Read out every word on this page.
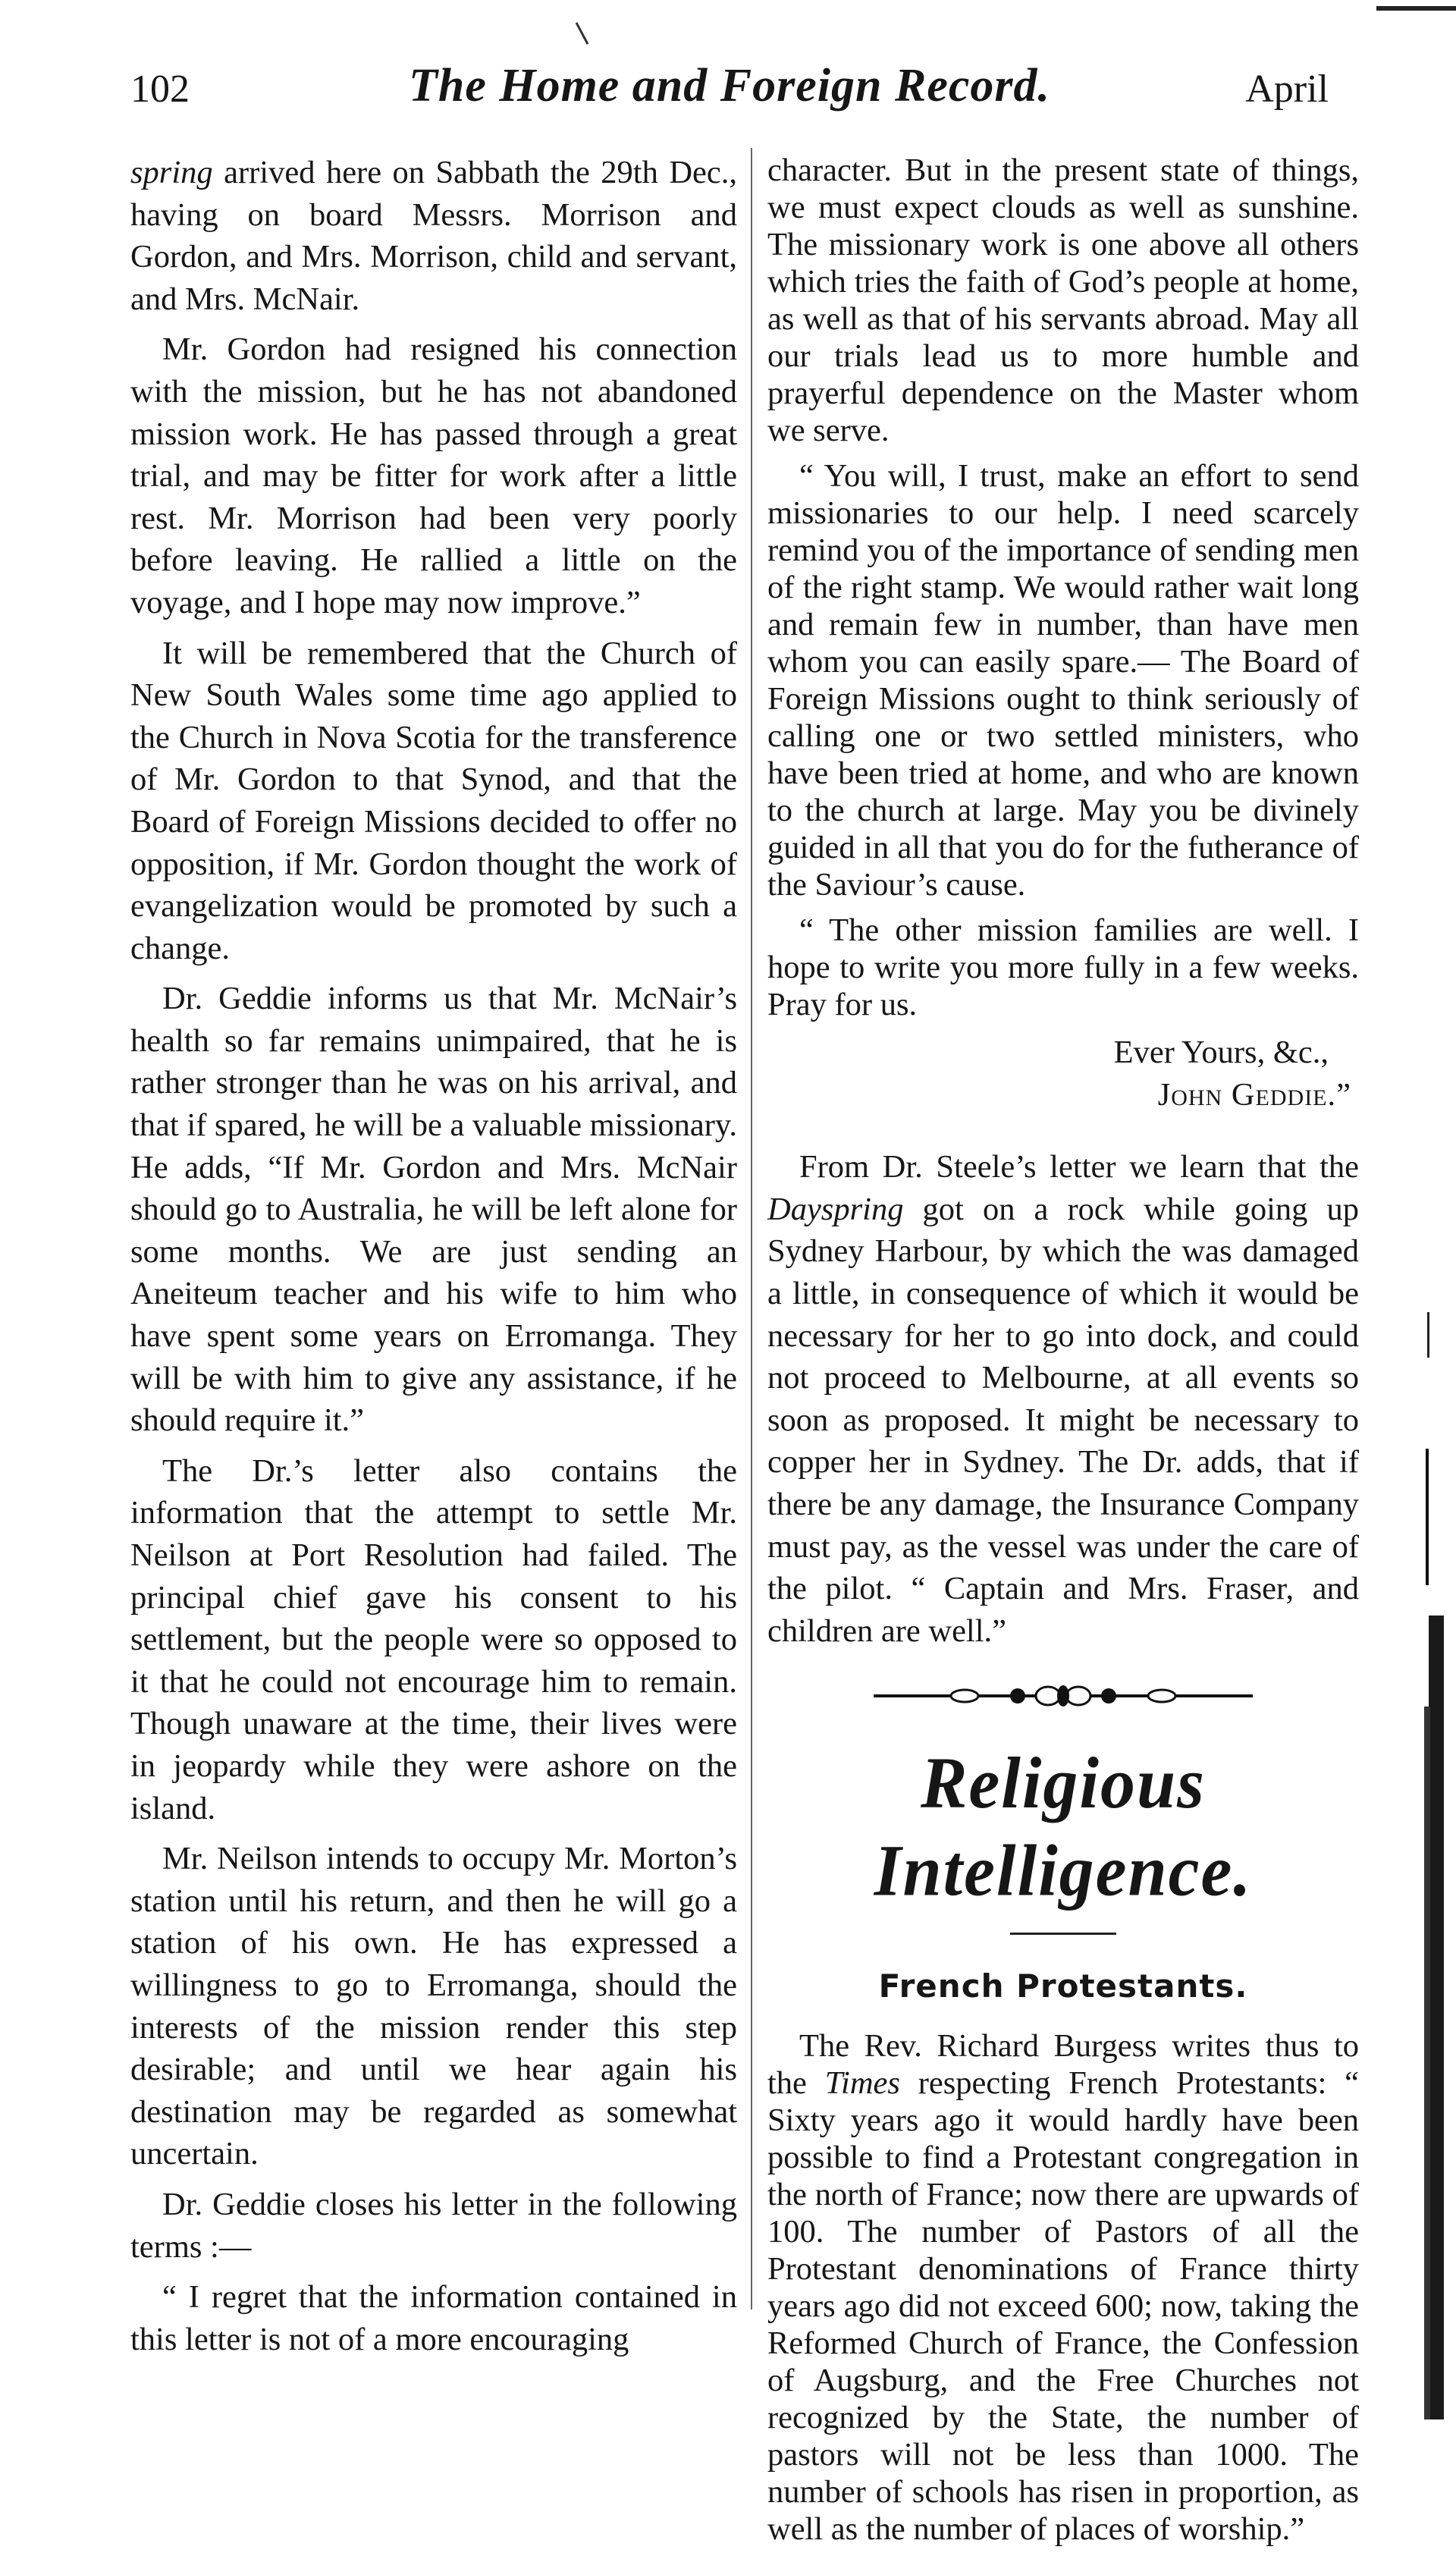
102	The Home and Foreign Record.	April

spring arrived here on Sabbath the 29th Dec., having on board Messrs. Morrison and Gordon, and Mrs. Morrison, child and servant, and Mrs. McNair.

Mr. Gordon had resigned his connection with the mission, but he has not abandoned mission work. He has passed through a great trial, and may be fitter for work after a little rest. Mr. Morrison had been very poorly before leaving. He rallied a little on the voyage, and I hope may now improve.”

It will be remembered that the Church of New South Wales some time ago applied to the Church in Nova Scotia for the transference of Mr. Gordon to that Synod, and that the Board of Foreign Missions decided to offer no opposition, if Mr. Gordon thought the work of evangelization would be promoted by such a change.

Dr. Geddie informs us that Mr. McNair’s health so far remains unimpaired, that he is rather stronger than he was on his arrival, and that if spared, he will be a valuable missionary. He adds, “If Mr. Gordon and Mrs. McNair should go to Australia, he will be left alone for some months. We are just sending an Aneiteum teacher and his wife to him who have spent some years on Erromanga. They will be with him to give any assistance, if he should require it.”

The Dr.’s letter also contains the information that the attempt to settle Mr. Neilson at Port Resolution had failed. The principal chief gave his consent to his settlement, but the people were so opposed to it that he could not encourage him to remain. Though unaware at the time, their lives were in jeopardy while they were ashore on the island.

Mr. Neilson intends to occupy Mr. Morton’s station until his return, and then he will go a station of his own. He has expressed a willingness to go to Erromanga, should the interests of the mission render this step desirable; and until we hear again his destination may be regarded as somewhat uncertain.

Dr. Geddie closes his letter in the following terms :—

“ I regret that the information contained in this letter is not of a more encouraging

character. But in the present state of things, we must expect clouds as well as sunshine. The missionary work is one above all others which tries the faith of God’s people at home, as well as that of his servants abroad. May all our trials lead us to more humble and prayerful dependence on the Master whom we serve.

“ You will, I trust, make an effort to send missionaries to our help. I need scarcely remind you of the importance of sending men of the right stamp. We would rather wait long and remain few in number, than have men whom you can easily spare.— The Board of Foreign Missions ought to think seriously of calling one or two settled ministers, who have been tried at home, and who are known to the church at large. May you be divinely guided in all that you do for the futherance of the Saviour’s cause.

“ The other mission families are well. I hope to write you more fully in a few weeks. Pray for us.

Ever Yours, &c.,
John Geddie.”

From Dr. Steele’s letter we learn that the Dayspring got on a rock while going up Sydney Harbour, by which the was damaged a little, in consequence of which it would be necessary for her to go into dock, and could not proceed to Melbourne, at all events so soon as proposed. It might be necessary to copper her in Sydney. The Dr. adds, that if there be any damage, the Insurance Company must pay, as the vessel was under the care of the pilot. “ Captain and Mrs. Fraser, and children are well.”

Religious Intelligence.
French Protestants.

The Rev. Richard Burgess writes thus to the Times respecting French Protestants: “ Sixty years ago it would hardly have been possible to find a Protestant congregation in the north of France; now there are upwards of 100. The number of Pastors of all the Protestant denominations of France thirty years ago did not exceed 600; now, taking the Reformed Church of France, the Confession of Augsburg, and the Free Churches not recognized by the State, the number of pastors will not be less than 1000. The number of schools has risen in proportion, as well as the number of places of worship.”
